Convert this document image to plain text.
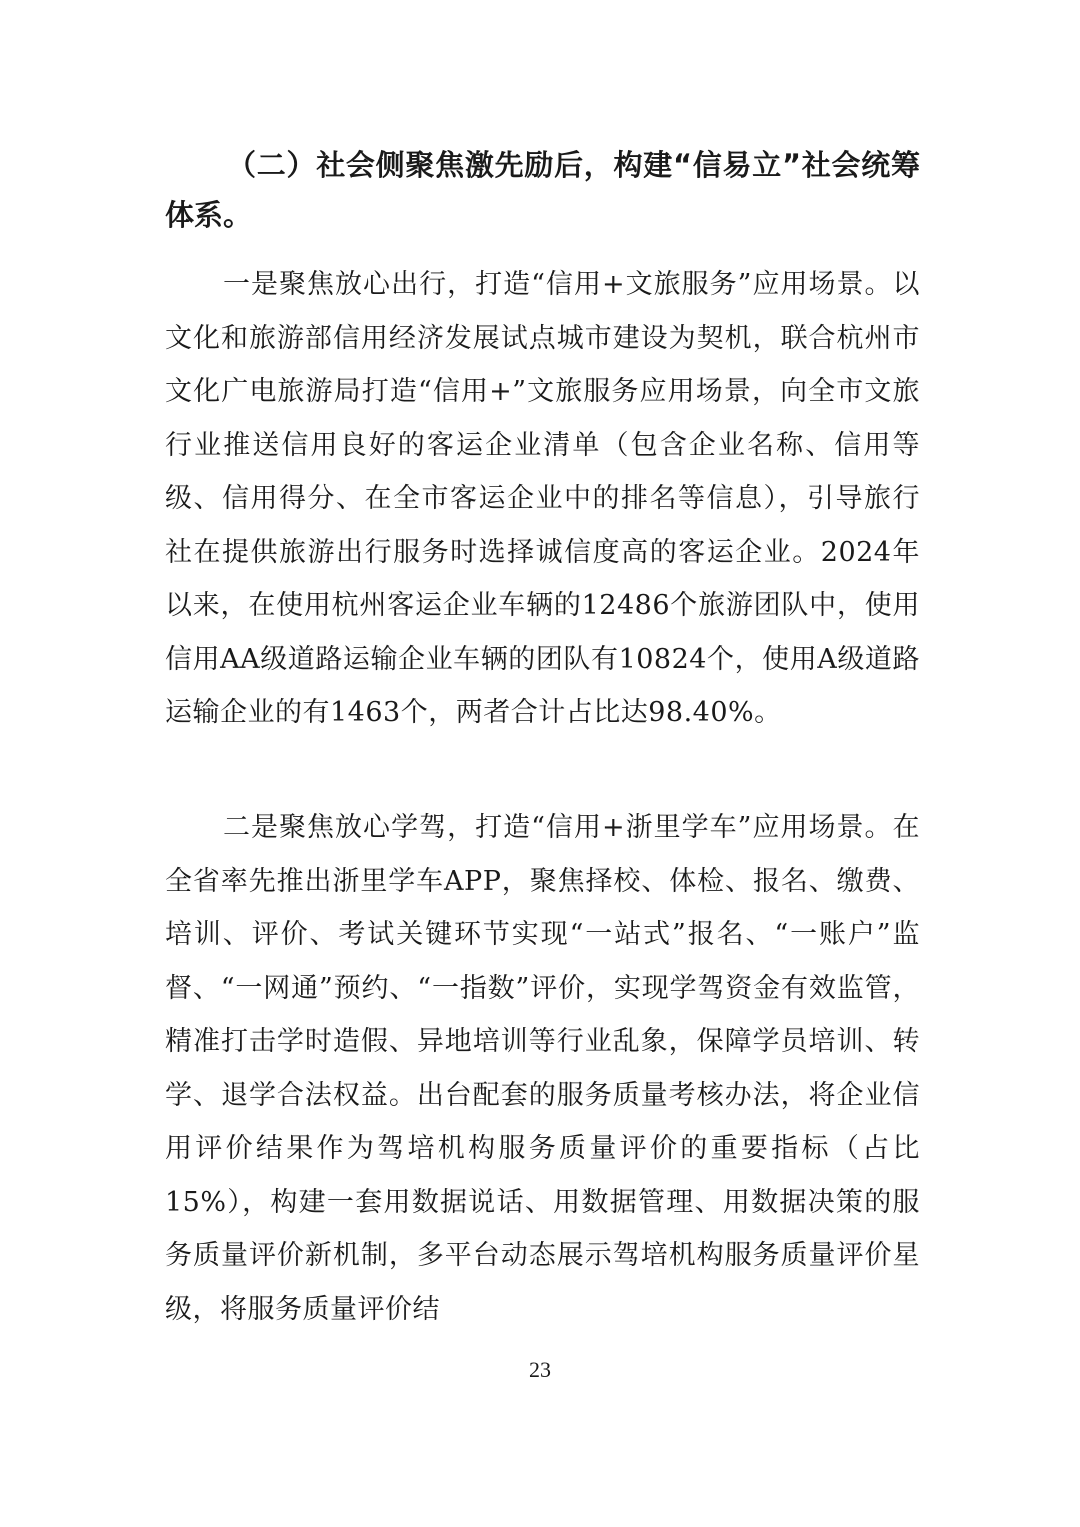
（二）社会侧聚焦激先励后，构建“信易立”社会统筹体系。

一是聚焦放心出行，打造“信用+文旅服务”应用场景。以文化和旅游部信用经济发展试点城市建设为契机，联合杭州市文化广电旅游局打造“信用+”文旅服务应用场景，向全市文旅行业推送信用良好的客运企业清单（包含企业名称、信用等级、信用得分、在全市客运企业中的排名等信息），引导旅行社在提供旅游出行服务时选择诚信度高的客运企业。2024年以来，在使用杭州客运企业车辆的12486个旅游团队中，使用信用AA级道路运输企业车辆的团队有10824个，使用A级道路运输企业的有1463个，两者合计占比达98.40%。

二是聚焦放心学驾，打造“信用+浙里学车”应用场景。在全省率先推出浙里学车APP，聚焦择校、体检、报名、缴费、培训、评价、考试关键环节实现“一站式”报名、“一账户”监督、“一网通”预约、“一指数”评价，实现学驾资金有效监管，精准打击学时造假、异地培训等行业乱象，保障学员培训、转学、退学合法权益。出台配套的服务质量考核办法，将企业信用评价结果作为驾培机构服务质量评价的重要指标（占比15%），构建一套用数据说话、用数据管理、用数据决策的服务质量评价新机制，多平台动态展示驾培机构服务质量评价星级，将服务质量评价结

23
